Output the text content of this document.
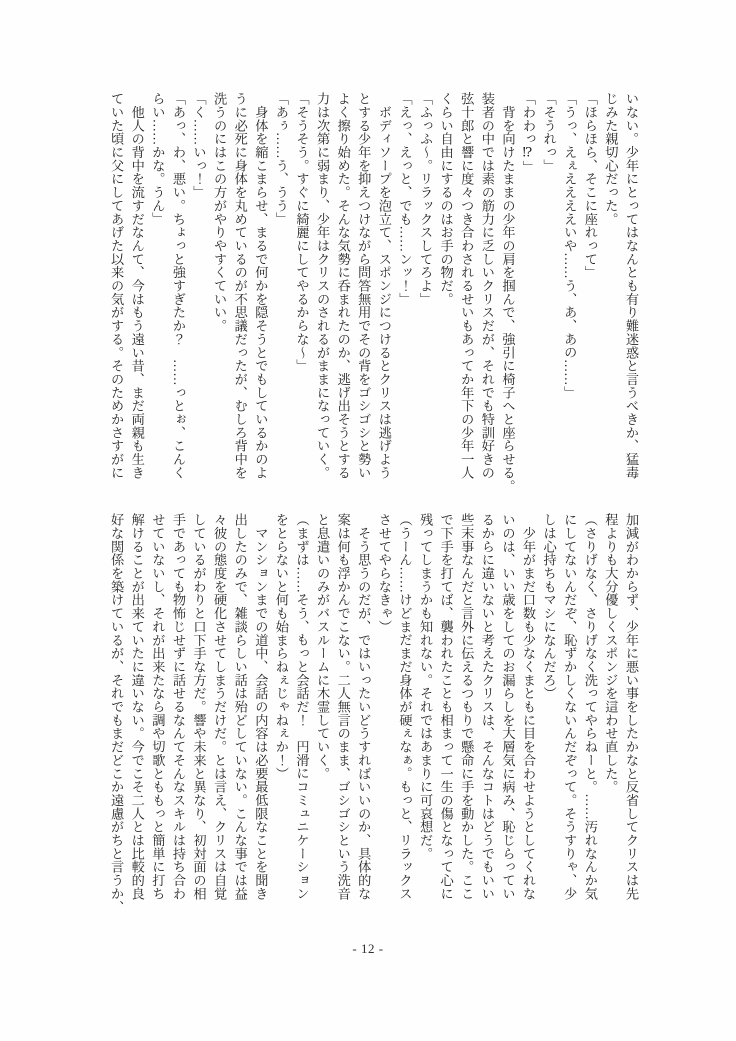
いない。少年にとってはなんとも有り難迷惑と言うべきか、猛毒

じみた親切心だった。

「ほらほら、そこに座れって」

「うっ、えぇええええいや……う、あ、あの……」

「そうれっ」

「わわっ⁉」

　背を向けたままの少年の肩を掴んで、強引に椅子へと座らせる。

装者の中では素の筋力に乏しいクリスだが、それでも特訓好きの

弦十郎と響に度々つき合わされるせいもあってか年下の少年一人

くらい自由にするのはお手の物だ。

「ふっふ〜。リラックスしてろよ」

「えっ、えっと、でも……ンッ！」

　ボディソープを泡立て、スポンジにつけるとクリスは逃げよう

とする少年を抑えつけながら問答無用でその背をゴシゴシと勢い

よく擦り始めた。そんな気勢に呑まれたのか、逃げ出そうとする

力は次第に弱まり、少年はクリスのされるがままになっていく。

「そうそう。すぐに綺麗にしてやるからな〜」

「あぅ……う、うう」

　身体を縮こまらせ、まるで何かを隠そうとでもしているかのよ

うに必死に身体を丸めているのが不思議だったが、むしろ背中を

洗うのにはこの方がやりやすくていい。

「く……いっ！」

「あっ、わ、悪い。ちょっと強すぎたか？　……っとぉ、こんく

らい……かな。うん」

　他人の背中を流すだなんて、今はもう遠い昔、まだ両親も生き

ていた頃に父にしてあげた以来の気がする。そのためかさすがに

加減がわからず、少年に悪い事をしたかなと反省してクリスは先

程よりも大分優しくスポンジを這わせ直した。

（さりげなく、さりげなく洗ってやらねーと。……汚れなんか気

にしてないんだぞ、恥ずかしくないんだぞって。そうすりゃ、少

しは心持ちもマシになんだろ）

　少年がまだ口数も少なくまともに目を合わせようとしてくれな

いのは、いい歳をしてのお漏らしを大層気に病み、恥じらってい

るからに違いないと考えたクリスは、そんなコトはどうでもいい

些末事なんだと言外に伝えるつもりで懸命に手を動かした。ここ

で下手を打てば、襲われたことも相まって一生の傷となって心に

残ってしまうかも知れない。それではあまりに可哀想だ。

（うーん……けどまだまだ身体が硬ぇなぁ。もっと、リラックス

させてやらなきゃ）

　そう思うのだが、ではいったいどうすればいいのか、具体的な

案は何も浮かんでこない。二人無言のまま、ゴシゴシという洗音

と息遣いのみがバスルームに木霊していく。

（まずは……そう、もっと会話だ！　円滑にコミュニケーション

をとらないと何も始まらねぇじゃねぇか！）

　マンションまでの道中、会話の内容は必要最低限なことを聞き

出したのみで、雑談らしい話は殆どしていない。こんな事では益

々彼の態度を硬化させてしまうだけだ。とは言え、クリスは自覚

しているがわりと口下手な方だ。響や未来と異なり、初対面の相

手であっても物怖じせずに話せるなんてそんなスキルは持ち合わ

せていないし、それが出来たなら調や切歌とももっと簡単に打ち

解けることが出来ていたに違いない。今でこそ二人とは比較的良

好な関係を築けているが、それでもまだどこか遠慮がちと言うか、

- 12 -
